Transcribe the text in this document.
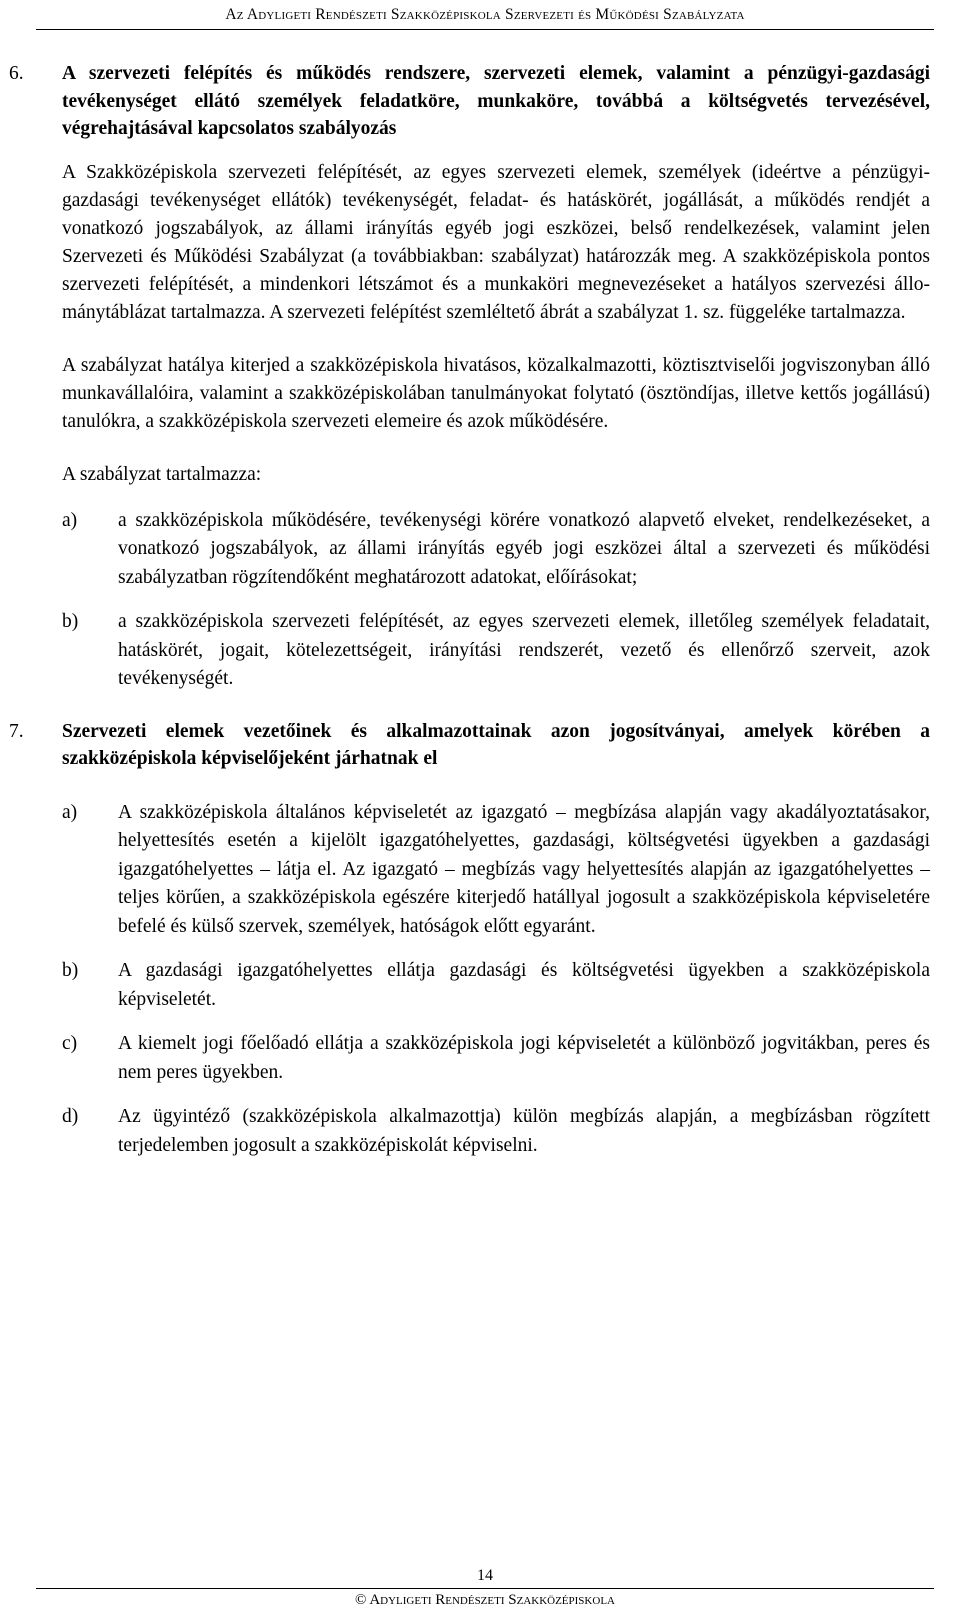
Az Adyligeti Rendészeti Szakközépiskola Szervezeti és Működési Szabályzata
6. A szervezeti felépítés és működés rendszere, szervezeti elemek, valamint a pénzügyi-gazdasági tevékenységet ellátó személyek feladatköre, munkaköre, továbbá a költségvetés tervezésével, végrehajtásával kapcsolatos szabályozás

A Szakközépiskola szervezeti felépítését, az egyes szervezeti elemek, személyek (ideértve a pénzügyi-gazdasági tevékenységet ellátók) tevékenységét, feladat- és hatáskörét, jogállását, a működés rendjét a vonatkozó jogszabályok, az állami irányítás egyéb jogi eszközei, belső rendelkezések, valamint jelen Szervezeti és Működési Szabályzat (a továbbiakban: szabályzat) határozzák meg. A szakközépiskola pontos szervezeti felépítését, a mindenkori létszámot és a munkaköri megnevezéseket a hatályos szervezési állománytáblázat tartalmazza. A szervezeti felépítést szemléltető ábrát a szabályzat 1. sz. függeléke tartalmazza.

A szabályzat hatálya kiterjed a szakközépiskola hivatásos, közalkalmazotti, köztisztviselői jogviszonyban álló munkavállalóira, valamint a szakközépiskolában tanulmányokat folytató (ösztöndíjas, illetve kettős jogállású) tanulókra, a szakközépiskola szervezeti elemeire és azok működésére.

A szabályzat tartalmazza:

a) a szakközépiskola működésére, tevékenységi körére vonatkozó alapvető elveket, rendelkezéseket, a vonatkozó jogszabályok, az állami irányítás egyéb jogi eszközei által a szervezeti és működési szabályzatban rögzítendőként meghatározott adatokat, előírásokat;
b) a szakközépiskola szervezeti felépítését, az egyes szervezeti elemek, illetőleg személyek feladatait, hatáskörét, jogait, kötelezettségeit, irányítási rendszerét, vezető és ellenőrző szerveit, azok tevékenységét.
7. Szervezeti elemek vezetőinek és alkalmazottainak azon jogosítványai, amelyek körében a szakközépiskola képviselőjeként járhatnak el

a) A szakközépiskola általános képviseletét az igazgató – megbízása alapján vagy akadályoztatásakor, helyettesítés esetén a kijelölt igazgatóhelyettes, gazdasági, költségvetési ügyekben a gazdasági igazgatóhelyettes – látja el. Az igazgató – megbízás vagy helyettesítés alapján az igazgatóhelyettes – teljes körűen, a szakközépiskola egészére kiterjedő hatállyal jogosult a szakközépiskola képviseletére befelé és külső szervek, személyek, hatóságok előtt egyaránt.
b) A gazdasági igazgatóhelyettes ellátja gazdasági és költségvetési ügyekben a szakközépiskola képviseletét.
c) A kiemelt jogi főelőadó ellátja a szakközépiskola jogi képviseletét a különböző jogvitákban, peres és nem peres ügyekben.
d) Az ügyintéző (szakközépiskola alkalmazottja) külön megbízás alapján, a megbízásban rögzített terjedelemben jogosult a szakközépiskolát képviselni.
14
© Adyligeti Rendészeti Szakközépiskola
